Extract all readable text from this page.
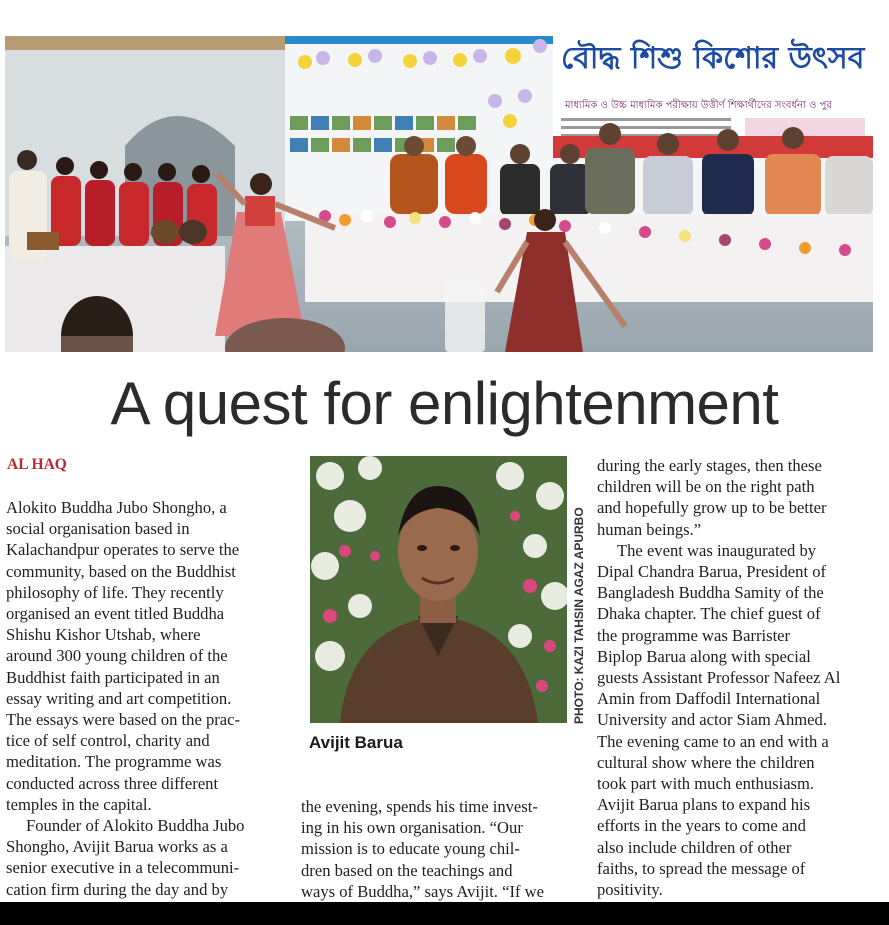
বৌদ্ধ শিশু কিশোর উৎসব
মাধ্যমিক ও উচ্চ মাধ্যমিক পরীক্ষায় উত্তীর্ণ শিক্ষার্থীদের সংবর্ধনা ও পুর
A quest for enlightenment

AL HAQ

Alokito Buddha Jubo Shongho, a
social organisation based in
Kalachandpur operates to serve the
community, based on the Buddhist
philosophy of life. They recently
organised an event titled Buddha
Shishu Kishor Utshab, where
around 300 young children of the
Buddhist faith participated in an
essay writing and art competition.
The essays were based on the prac-
tice of self control, charity and
meditation. The programme was
conducted across three different
temples in the capital.

Founder of Alokito Buddha Jubo
Shongho, Avijit Barua works as a
senior executive in a telecommuni-
cation firm during the day and by

PHOTO: KAZI TAHSIN AGAZ APURBO

Avijit Barua

the evening, spends his time invest-
ing in his own organisation. “Our
mission is to educate young chil-
dren based on the teachings and
ways of Buddha,” says Avijit. “If we

during the early stages, then these
children will be on the right path
and hopefully grow up to be better
human beings.”

The event was inaugurated by
Dipal Chandra Barua, President of
Bangladesh Buddha Samity of the
Dhaka chapter. The chief guest of
the programme was Barrister
Biplop Barua along with special
guests Assistant Professor Nafeez Al
Amin from Daffodil International
University and actor Siam Ahmed.
The evening came to an end with a
cultural show where the children
took part with much enthusiasm.
Avijit Barua plans to expand his
efforts in the years to come and
also include children of other
faiths, to spread the message of
positivity.
